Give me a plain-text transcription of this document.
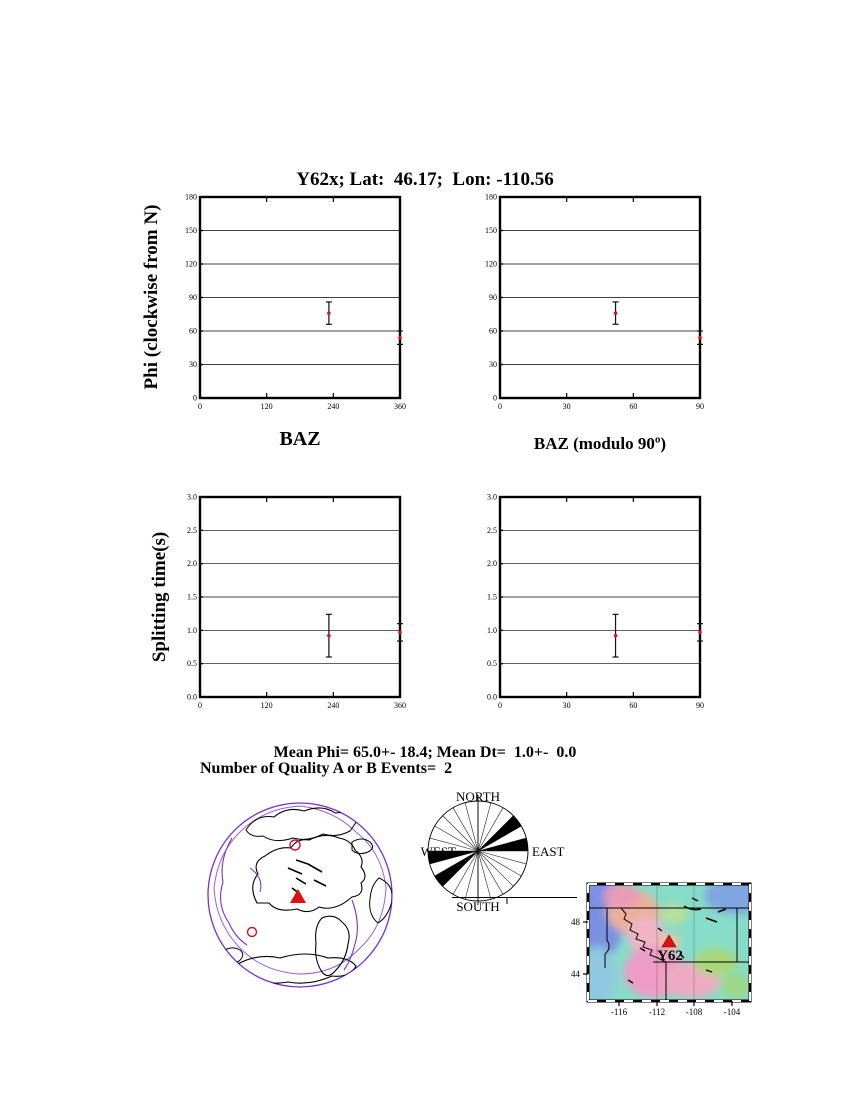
Y62x; Lat:  46.17;  Lon: -110.56
Phi (clockwise from N)
Splitting time(s)
BAZ	BAZ (modulo 90º)
Mean Phi= 65.0+- 18.4; Mean Dt=  1.0+-  0.0
Number of Quality A or B Events=  2
0
30
60
90
120
150
180
0	120	240	360
0
30
60
90
120
150
180
0	30	60	90
0.0
0.5
1.0
1.5
2.0
2.5
3.0
0	120	240	360
0.0
0.5
1.0
1.5
2.0
2.5
3.0
0	30	60	90
NORTH
SOUTH
WEST	EAST
Y62
-116 -112 -108 -104
48
44
